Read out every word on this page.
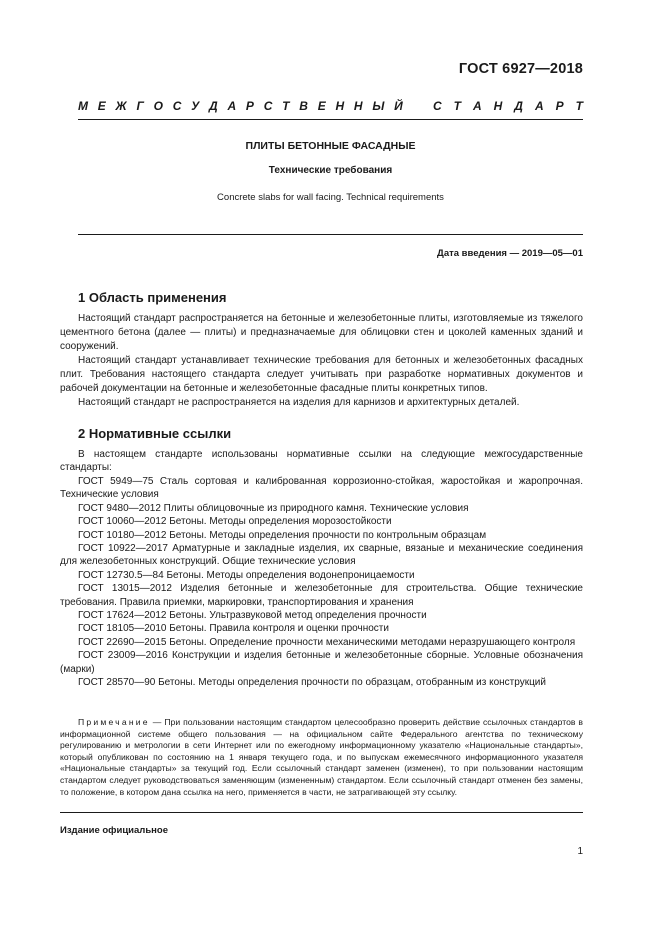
ГОСТ 6927—2018
М Е Ж Г О С У Д А Р С Т В Е Н Н Ы Й	С Т А Н Д А Р Т
ПЛИТЫ БЕТОННЫЕ ФАСАДНЫЕ
Технические требования
Concrete slabs for wall facing. Technical requirements
Дата введения — 2019—05—01
1 Область применения

Настоящий стандарт распространяется на бетонные и железобетонные плиты, изготовляемые из тяжелого цементного бетона (далее — плиты) и предназначаемые для облицовки стен и цоколей каменных зданий и сооружений.

Настоящий стандарт устанавливает технические требования для бетонных и железобетонных фасадных плит. Требования настоящего стандарта следует учитывать при разработке нормативных документов и рабочей документации на бетонные и железобетонные фасадные плиты конкретных типов.

Настоящий стандарт не распространяется на изделия для карнизов и архитектурных деталей.

2 Нормативные ссылки

В настоящем стандарте использованы нормативные ссылки на следующие межгосударственные стандарты:

ГОСТ 5949—75 Сталь сортовая и калиброванная коррозионно-стойкая, жаростойкая и жаропрочная. Технические условия
ГОСТ 9480—2012 Плиты облицовочные из природного камня. Технические условия
ГОСТ 10060—2012 Бетоны. Методы определения морозостойкости
ГОСТ 10180—2012 Бетоны. Методы определения прочности по контрольным образцам
ГОСТ 10922—2017 Арматурные и закладные изделия, их сварные, вязаные и механические соединения для железобетонных конструкций. Общие технические условия
ГОСТ 12730.5—84 Бетоны. Методы определения водонепроницаемости
ГОСТ 13015—2012 Изделия бетонные и железобетонные для строительства. Общие технические требования. Правила приемки, маркировки, транспортирования и хранения
ГОСТ 17624—2012 Бетоны. Ультразвуковой метод определения прочности
ГОСТ 18105—2010 Бетоны. Правила контроля и оценки прочности
ГОСТ 22690—2015 Бетоны. Определение прочности механическими методами неразрушающего контроля
ГОСТ 23009—2016 Конструкции и изделия бетонные и железобетонные сборные. Условные обозначения (марки)
ГОСТ 28570—90 Бетоны. Методы определения прочности по образцам, отобранным из конструкций

Примечание — При пользовании настоящим стандартом целесообразно проверить действие ссылочных стандартов в информационной системе общего пользования — на официальном сайте Федерального агентства по техническому регулированию и метрологии в сети Интернет или по ежегодному информационному указателю «Национальные стандарты», который опубликован по состоянию на 1 января текущего года, и по выпускам ежемесячного информационного указателя «Национальные стандарты» за текущий год. Если ссылочный стандарт заменен (изменен), то при пользовании настоящим стандартом следует руководствоваться заменяющим (измененным) стандартом. Если ссылочный стандарт отменен без замены, то положение, в котором дана ссылка на него, применяется в части, не затрагивающей эту ссылку.

Издание официальное
1
